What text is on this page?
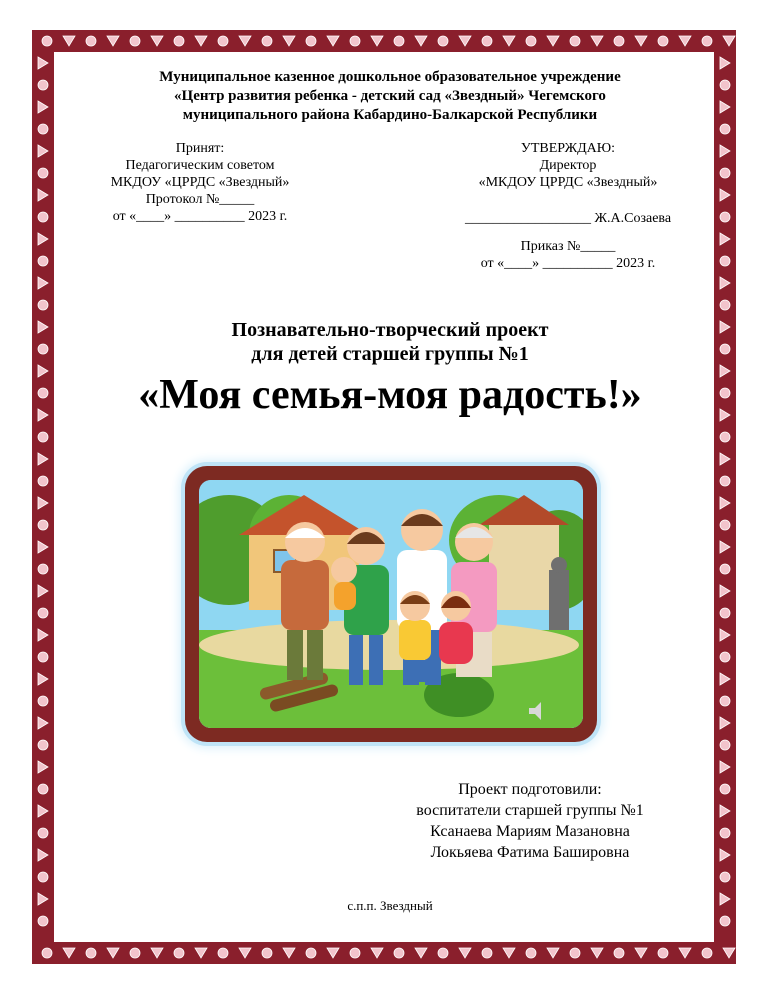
Муниципальное казенное дошкольное образовательное учреждение
«Центр развития ребенка - детский сад «Звездный» Чегемского
муниципального района Кабардино-Балкарской Республики
Принят:
Педагогическим советом
МКДОУ «ЦРРДС «Звездный»
Протокол №_____
от «____» __________ 2023 г.
УТВЕРЖДАЮ:
Директор
«МКДОУ ЦРРДС «Звездный»
__________________ Ж.А.Созаева
Приказ №_____
от «____» __________ 2023 г.
Познавательно-творческий проект
для детей старшей группы №1
«Моя семья-моя радость!»
Проект подготовили:
воспитатели старшей группы №1
Ксанаева Мариям Мазановна
Локьяева Фатима Башировна
с.п.п. Звездный
